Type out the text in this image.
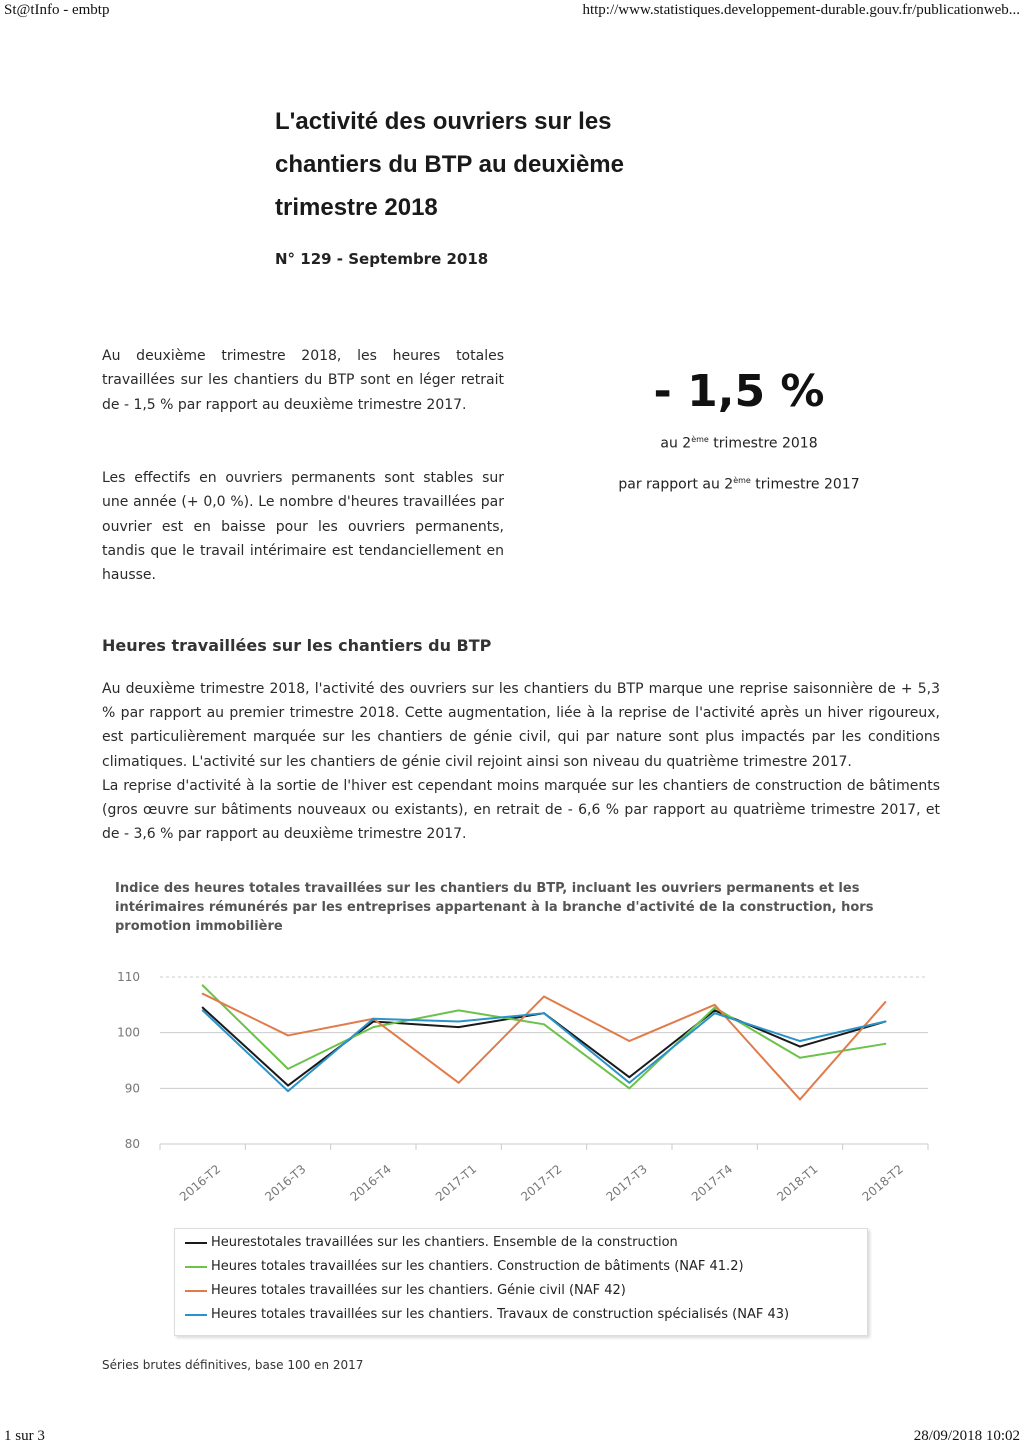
St@tInfo - embtp	http://www.statistiques.developpement-durable.gouv.fr/publicationweb...
L'activité des ouvriers sur les chantiers du BTP au deuxième trimestre 2018
N° 129 - Septembre 2018

Au deuxième trimestre 2018, les heures totales travaillées sur les chantiers du BTP sont en léger retrait de - 1,5 % par rapport au deuxième trimestre 2017.

Les effectifs en ouvriers permanents sont stables sur une année (+ 0,0 %). Le nombre d'heures travaillées par ouvrier est en baisse pour les ouvriers permanents, tandis que le travail intérimaire est tendanciellement en hausse.

- 1,5 %
au 2ème trimestre 2018
par rapport au 2ème trimestre 2017
Heures travaillées sur les chantiers du BTP

Au deuxième trimestre 2018, l'activité des ouvriers sur les chantiers du BTP marque une reprise saisonnière de + 5,3 % par rapport au premier trimestre 2018. Cette augmentation, liée à la reprise de l'activité après un hiver rigoureux, est particulièrement marquée sur les chantiers de génie civil, qui par nature sont plus impactés par les conditions climatiques. L'activité sur les chantiers de génie civil rejoint ainsi son niveau du quatrième trimestre 2017.

La reprise d'activité à la sortie de l'hiver est cependant moins marquée sur les chantiers de construction de bâtiments (gros œuvre sur bâtiments nouveaux ou existants), en retrait de - 6,6 % par rapport au quatrième trimestre 2017, et de - 3,6 % par rapport au deuxième trimestre 2017.

Indice des heures totales travaillées sur les chantiers du BTP, incluant les ouvriers permanents et les intérimaires rémunérés par les entreprises appartenant à la branche d'activité de la construction, hors promotion immobilière
80
90
100
110
2016-T2	2016-T3	2016-T4	2017-T1	2017-T2	2017-T3	2017-T4	2018-T1	2018-T2
Heurestotales travaillées sur les chantiers. Ensemble de la construction
Heures totales travaillées sur les chantiers. Construction de bâtiments (NAF 41.2)
Heures totales travaillées sur les chantiers. Génie civil (NAF 42)
Heures totales travaillées sur les chantiers. Travaux de construction spécialisés (NAF 43)
Séries brutes définitives, base 100 en 2017
1 sur 3	28/09/2018 10:02
